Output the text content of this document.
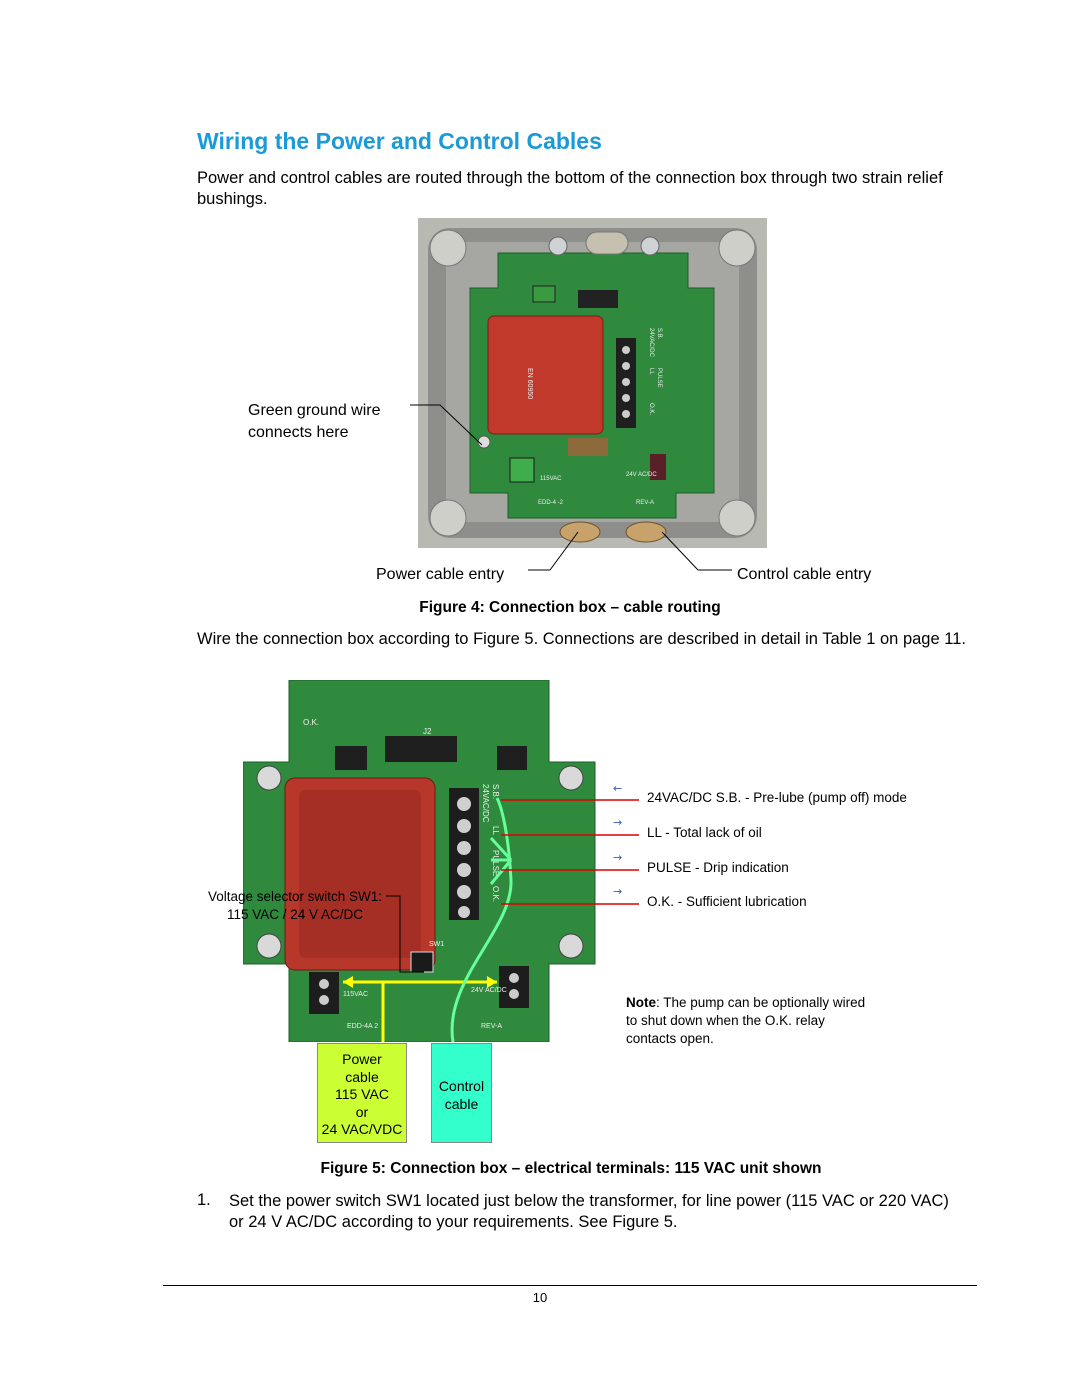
Wiring the Power and Control Cables
Power and control cables are routed through the bottom of the connection box through two strain relief bushings.
EN 60950
24VAC/DC S.B.
LL PULSE
O.K.
115VAC
24V AC/DC
EDD-4 -2	REV-A
Green ground wire
connects here
Power cable entry	Control cable entry
Figure 4: Connection box – cable routing
Wire the connection box according to Figure 5. Connections are described in detail in Table 1 on page 11.
J2
O.K.
SW1
24VAC/DC S.B.
LL
PULSE
O.K.
115VAC
24V AC/DC
EDD-4A 2	REV-A
←
→
→
→
24VAC/DC S.B. - Pre-lube (pump off) mode
LL - Total lack of oil
PULSE - Drip indication
O.K. - Sufficient lubrication
Voltage selector switch SW1:
115 VAC / 24 V AC/DC
Note: The pump can be optionally wired to shut down when the O.K. relay contacts open.
Power
cable
115 VAC
or
24 VAC/VDC
Control
cable
Figure 5: Connection box – electrical terminals: 115 VAC unit shown
1. Set the power switch SW1 located just below the transformer, for line power (115 VAC or 220 VAC) or 24 V AC/DC according to your requirements. See Figure 5.
10
